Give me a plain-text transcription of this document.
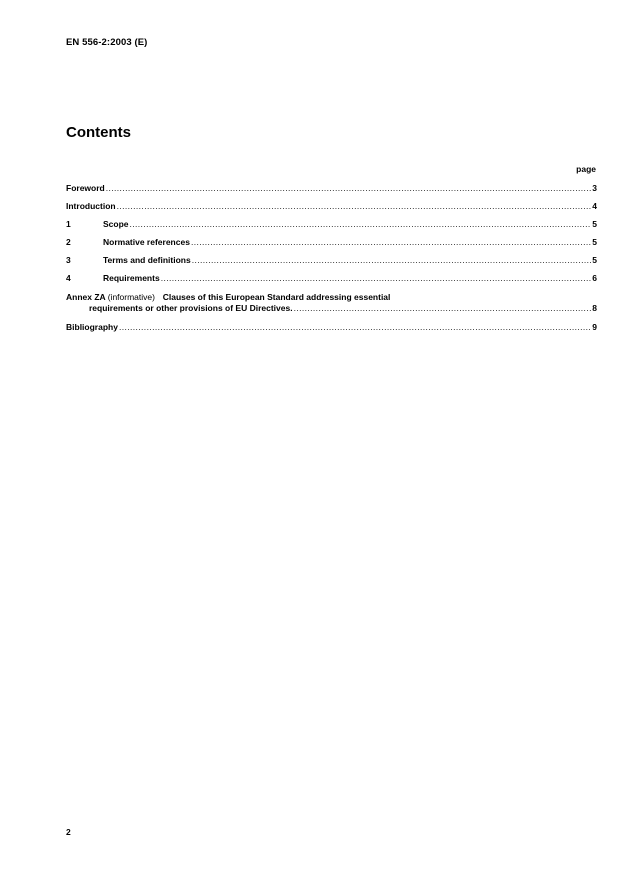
EN 556-2:2003 (E)
Contents
page
Foreword .....	3
Introduction .....	4
1	Scope .....	5
2	Normative references .....	5
3	Terms and definitions .....	5
4	Requirements .....	6
Annex ZA (informative) Clauses of this European Standard addressing essential
requirements or other provisions of EU Directives. .....	8
Bibliography .....	9
2
